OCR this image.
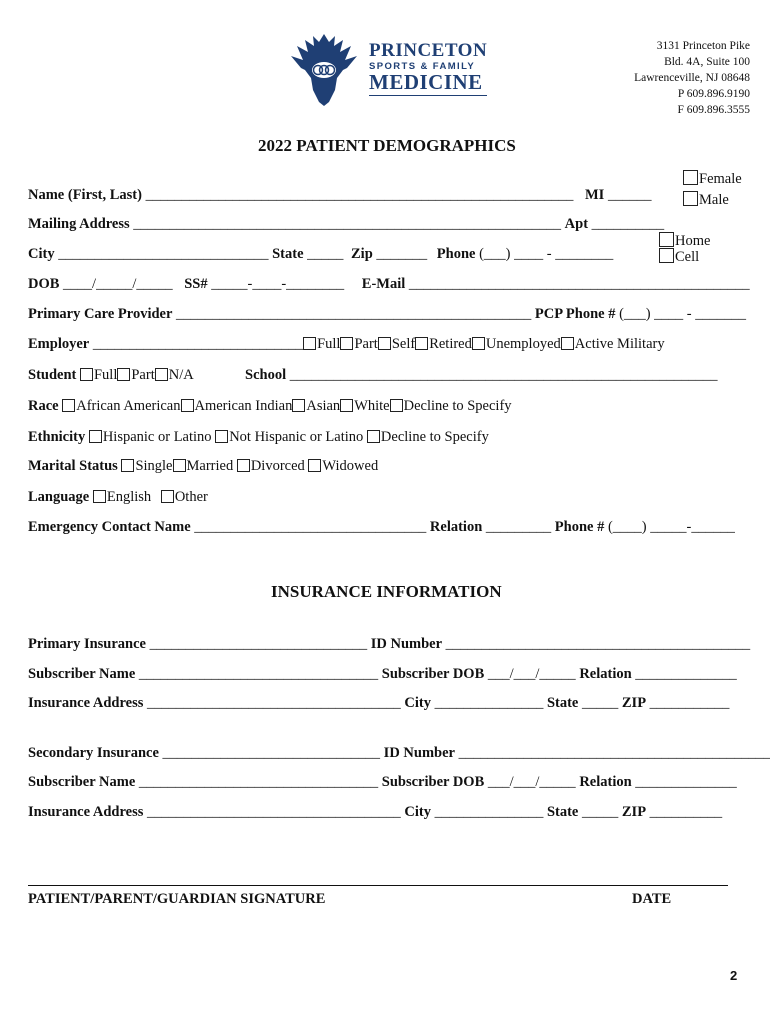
PRINCETON
SPORTS & FAMILY
MEDICINE
3131 Princeton Pike
Bld. 4A, Suite 100
Lawrenceville, NJ 08648
P 609.896.9190
F 609.896.3555
2022 PATIENT DEMOGRAPHICS
Female
Male
Name (First, Last) ___________________________________________________________ MI ______
Mailing Address ___________________________________________________________ Apt __________
Home
Cell
City _____________________________ State _____ Zip _______ Phone (___) ____ - ________
DOB ____/_____/_____ SS# _____-____-________ E-Mail _______________________________________________
Primary Care Provider _________________________________________________ PCP Phone # (___) ____ - _______
Employer _____________________________ Full Part Self Retired Unemployed Active Military
Student Full Part N/A	School ___________________________________________________________
Race African American American Indian Asian White Decline to Specify
Ethnicity Hispanic or Latino Not Hispanic or Latino Decline to Specify
Marital Status Single Married Divorced Widowed
Language English Other
Emergency Contact Name ________________________________ Relation _________ Phone # (____) _____-______
INSURANCE INFORMATION
Primary Insurance ______________________________ ID Number __________________________________________
Subscriber Name _________________________________ Subscriber DOB ___/___/_____ Relation ______________
Insurance Address ___________________________________ City _______________ State _____ ZIP ___________
Secondary Insurance ______________________________ ID Number ___________________________________________
Subscriber Name _________________________________ Subscriber DOB ___/___/_____ Relation ______________
Insurance Address ___________________________________ City _______________ State _____ ZIP __________
PATIENT/PARENT/GUARDIAN SIGNATURE	DATE
2
